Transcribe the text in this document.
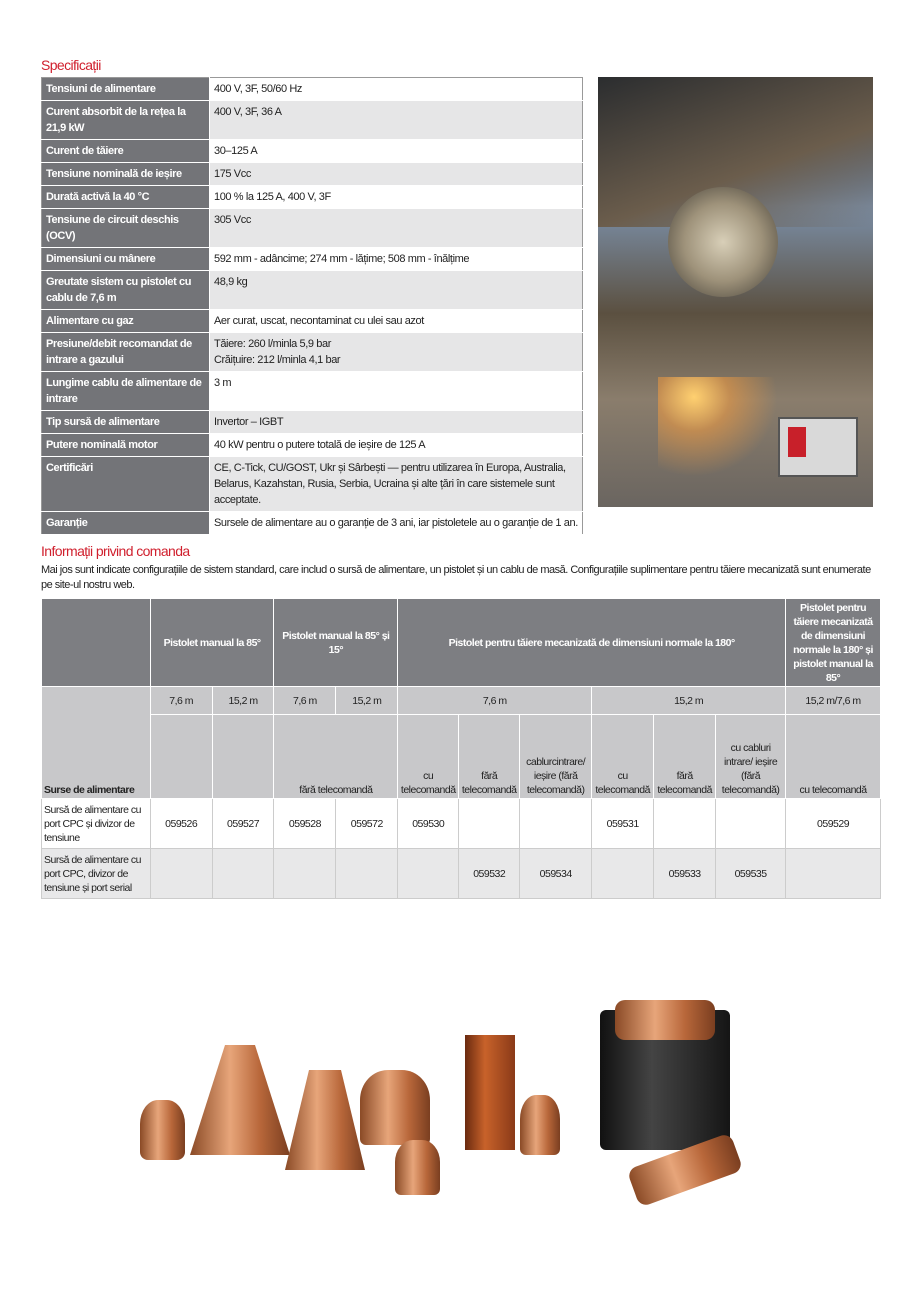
Specificații
Tensiuni de alimentare	400 V, 3F, 50/60 Hz
Curent absorbit de la rețea la 21,9 kW	400 V, 3F, 36 A
Curent de tăiere	30–125 A
Tensiune nominală de ieșire	175 Vcc
Durată activă la 40 °C	100 % la 125 A, 400 V, 3F
Tensiune de circuit deschis (OCV)	305 Vcc
Dimensiuni cu mânere	592 mm - adâncime; 274 mm - lățime; 508 mm - înălțime
Greutate sistem cu pistolet cu cablu de 7,6 m	48,9 kg
Alimentare cu gaz	Aer curat, uscat, necontaminat cu ulei sau azot
Presiune/debit recomandat de intrare a gazului	Tăiere: 260 l/minla 5,9 bar
Crăițuire: 212 l/minla 4,1 bar
Lungime cablu de alimentare de intrare	3 m
Tip sursă de alimentare	Invertor – IGBT
Putere nominală motor	40 kW pentru o putere totală de ieșire de 125 A
Certificări	CE, C-Tick, CU/GOST, Ukr și Sârbești — pentru utilizarea în Europa, Australia, Belarus, Kazahstan, Rusia, Serbia, Ucraina și alte țări în care sistemele sunt acceptate.
Garanție	Sursele de alimentare au o garanție de 3 ani, iar pistoletele au o garanție de 1 an.
Informații privind comanda
Mai jos sunt indicate configurațiile de sistem standard, care includ o sursă de alimentare, un pistolet și un cablu de masă. Configurațiile suplimentare pentru tăiere mecanizată sunt enumerate pe site-ul nostru web.
	Pistolet manual la 85°		Pistolet manual la 85° și 15°		Pistolet pentru tăiere mecanizată de dimensiuni normale la 180°						Pistolet pentru tăiere mecanizată de dimensiuni normale la 180° și pistolet manual la 85°
Surse de alimentare	7,6 m	15,2 m	7,6 m	15,2 m	7,6 m			15,2 m			15,2 m/7,6 m
			fără telecomandă		cu telecomandă	fără telecomandă	cablurcintrare/ ieșire (fără telecomandă)	cu telecomandă	fără telecomandă	cu cabluri intrare/ ieșire (fără telecomandă)	cu telecomandă
Sursă de alimentare cu port CPC și divizor de tensiune	059526	059527	059528	059572	059530			059531			059529
Sursă de alimentare cu port CPC, divizor de tensiune și port serial						059532	059534		059533	059535	
